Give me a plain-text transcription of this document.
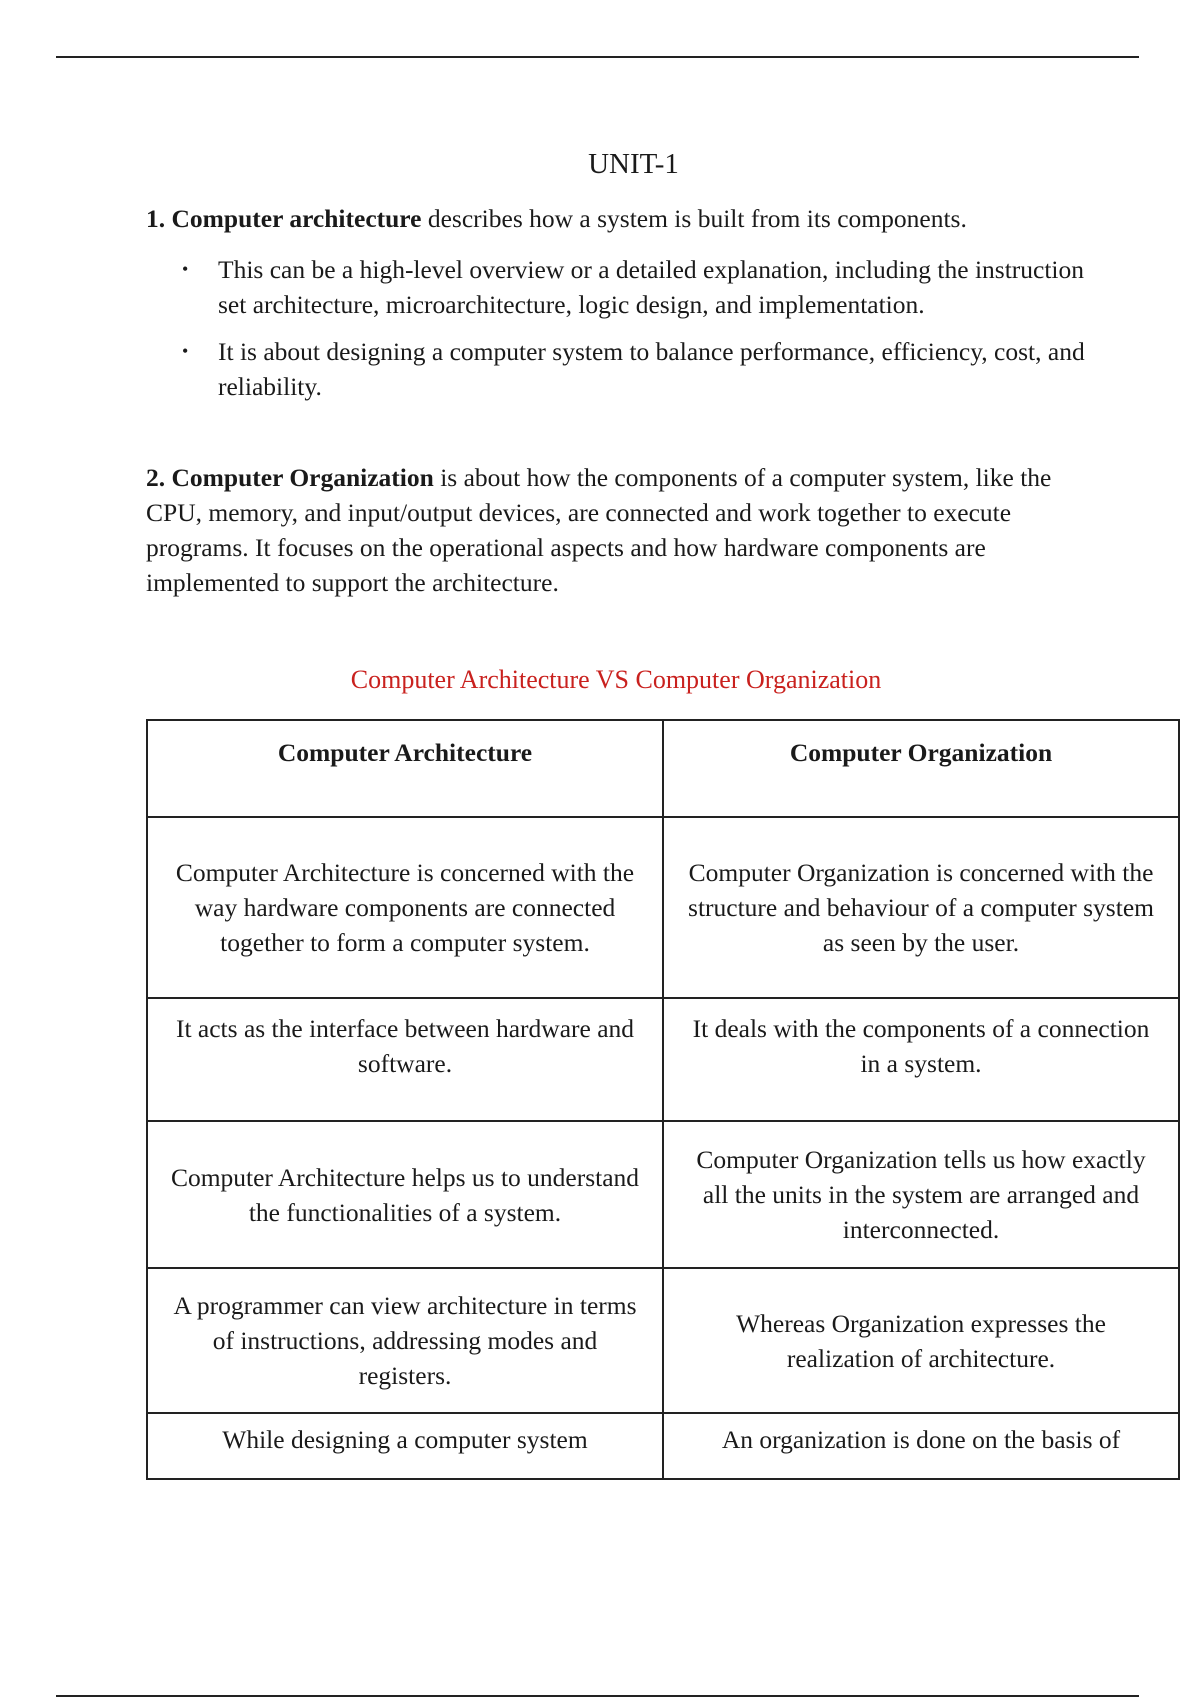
UNIT-1
1. Computer architecture describes how a system is built from its components.
• This can be a high-level overview or a detailed explanation, including the instruction set architecture, microarchitecture, logic design, and implementation.
• It is about designing a computer system to balance performance, efficiency, cost, and reliability.
2. Computer Organization is about how the components of a computer system, like the CPU, memory, and input/output devices, are connected and work together to execute programs. It focuses on the operational aspects and how hardware components are implemented to support the architecture.
Computer Architecture VS Computer Organization
Computer Architecture	Computer Organization
Computer Architecture is concerned with the way hardware components are connected together to form a computer system.	Computer Organization is concerned with the structure and behaviour of a computer system as seen by the user.
It acts as the interface between hardware and software.	It deals with the components of a connection in a system.
Computer Architecture helps us to understand the functionalities of a system.	Computer Organization tells us how exactly all the units in the system are arranged and interconnected.
A programmer can view architecture in terms of instructions, addressing modes and registers.	Whereas Organization expresses the realization of architecture.
While designing a computer system	An organization is done on the basis of
